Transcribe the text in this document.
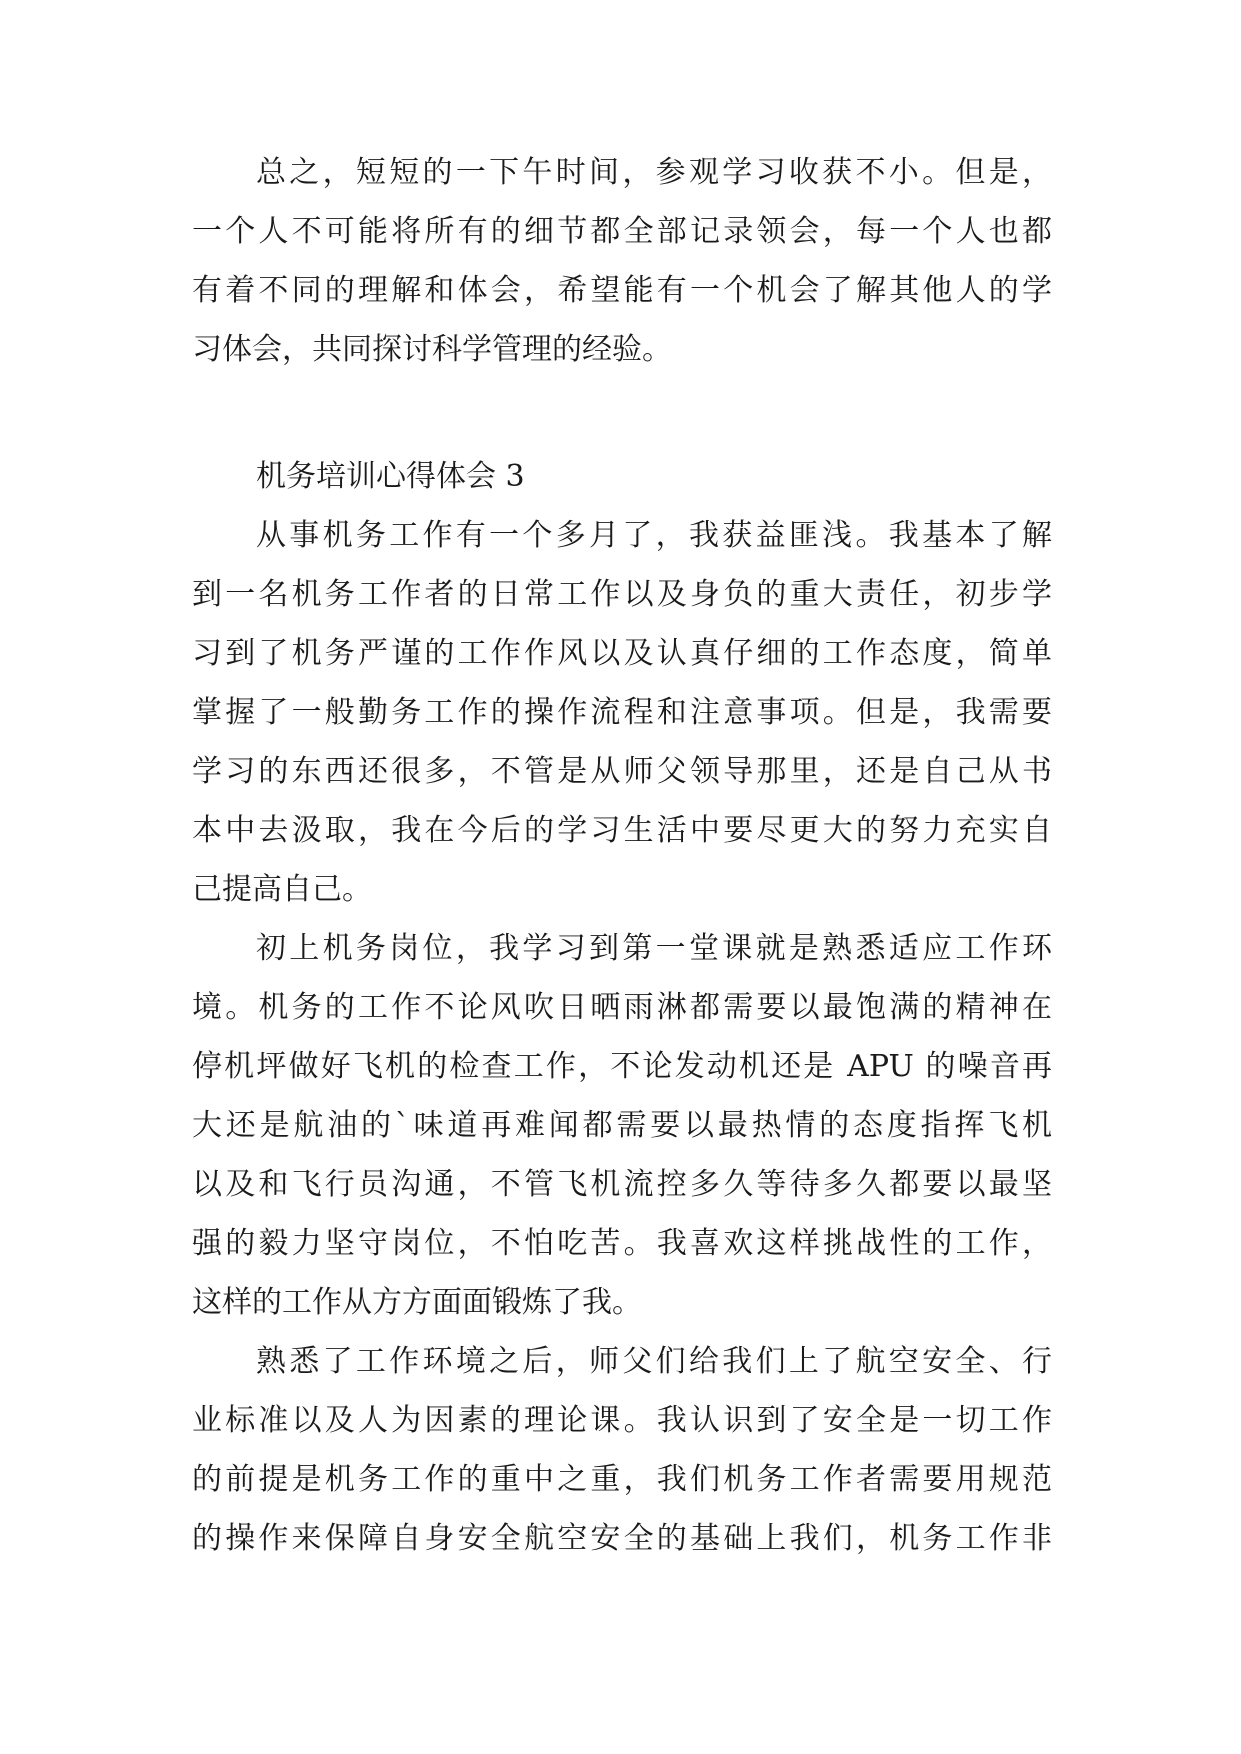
总之，短短的一下午时间，参观学习收获不小。但是，
一个人不可能将所有的细节都全部记录领会，每一个人也都
有着不同的理解和体会，希望能有一个机会了解其他人的学
习体会，共同探讨科学管理的经验。
机务培训心得体会 3
从事机务工作有一个多月了，我获益匪浅。我基本了解
到一名机务工作者的日常工作以及身负的重大责任，初步学
习到了机务严谨的工作作风以及认真仔细的工作态度，简单
掌握了一般勤务工作的操作流程和注意事项。但是，我需要
学习的东西还很多，不管是从师父领导那里，还是自己从书
本中去汲取，我在今后的学习生活中要尽更大的努力充实自
己提高自己。
初上机务岗位，我学习到第一堂课就是熟悉适应工作环
境。机务的工作不论风吹日晒雨淋都需要以最饱满的精神在
停机坪做好飞机的检查工作，不论发动机还是 APU 的噪音再
大还是航油的`味道再难闻都需要以最热情的态度指挥飞机
以及和飞行员沟通，不管飞机流控多久等待多久都要以最坚
强的毅力坚守岗位，不怕吃苦。我喜欢这样挑战性的工作，
这样的工作从方方面面锻炼了我。
熟悉了工作环境之后，师父们给我们上了航空安全、行
业标准以及人为因素的理论课。我认识到了安全是一切工作
的前提是机务工作的重中之重，我们机务工作者需要用规范
的操作来保障自身安全航空安全的基础上我们，机务工作非
